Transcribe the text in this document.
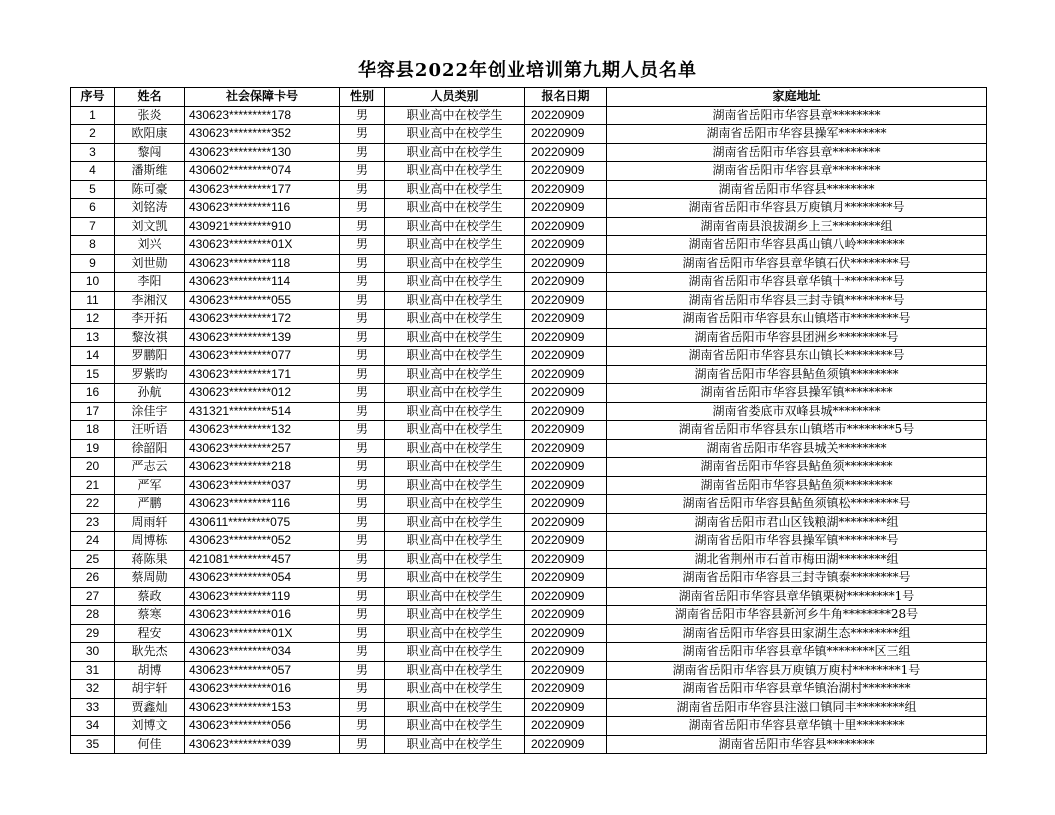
华容县2022年创业培训第九期人员名单
序号	姓名	社会保障卡号	性别	人员类别	报名日期	家庭地址
1	张炎	430623*********178	男	职业高中在校学生	20220909	湖南省岳阳市华容县章********
2	欧阳康	430623*********352	男	职业高中在校学生	20220909	湖南省岳阳市华容县操军********
3	黎闯	430623*********130	男	职业高中在校学生	20220909	湖南省岳阳市华容县章********
4	潘斯维	430602*********074	男	职业高中在校学生	20220909	湖南省岳阳市华容县章********
5	陈可豪	430623*********177	男	职业高中在校学生	20220909	湖南省岳阳市华容县********
6	刘铭涛	430623*********116	男	职业高中在校学生	20220909	湖南省岳阳市华容县万庾镇月********号
7	刘文凯	430921*********910	男	职业高中在校学生	20220909	湖南省南县浪拔湖乡上三********组
8	刘兴	430623*********01X	男	职业高中在校学生	20220909	湖南省岳阳市华容县禹山镇八岭********
9	刘世勋	430623*********118	男	职业高中在校学生	20220909	湖南省岳阳市华容县章华镇石伏********号
10	李阳	430623*********114	男	职业高中在校学生	20220909	湖南省岳阳市华容县章华镇十********号
11	李湘汉	430623*********055	男	职业高中在校学生	20220909	湖南省岳阳市华容县三封寺镇********号
12	李开拓	430623*********172	男	职业高中在校学生	20220909	湖南省岳阳市华容县东山镇塔市********号
13	黎汝祺	430623*********139	男	职业高中在校学生	20220909	湖南省岳阳市华容县团洲乡********号
14	罗鹏阳	430623*********077	男	职业高中在校学生	20220909	湖南省岳阳市华容县东山镇长********号
15	罗紫昀	430623*********171	男	职业高中在校学生	20220909	湖南省岳阳市华容县鲇鱼须镇********
16	孙航	430623*********012	男	职业高中在校学生	20220909	湖南省岳阳市华容县操军镇********
17	涂佳宇	431321*********514	男	职业高中在校学生	20220909	湖南省娄底市双峰县城********
18	汪听语	430623*********132	男	职业高中在校学生	20220909	湖南省岳阳市华容县东山镇塔市********5号
19	徐韶阳	430623*********257	男	职业高中在校学生	20220909	湖南省岳阳市华容县城关********
20	严志云	430623*********218	男	职业高中在校学生	20220909	湖南省岳阳市华容县鲇鱼须********
21	严军	430623*********037	男	职业高中在校学生	20220909	湖南省岳阳市华容县鲇鱼须********
22	严鹏	430623*********116	男	职业高中在校学生	20220909	湖南省岳阳市华容县鲇鱼须镇松********号
23	周雨轩	430611*********075	男	职业高中在校学生	20220909	湖南省岳阳市君山区钱粮湖********组
24	周博栋	430623*********052	男	职业高中在校学生	20220909	湖南省岳阳市华容县操军镇********号
25	蒋陈果	421081*********457	男	职业高中在校学生	20220909	湖北省荆州市石首市梅田湖********组
26	蔡周勋	430623*********054	男	职业高中在校学生	20220909	湖南省岳阳市华容县三封寺镇泰********号
27	蔡政	430623*********119	男	职业高中在校学生	20220909	湖南省岳阳市华容县章华镇栗树********1号
28	蔡寒	430623*********016	男	职业高中在校学生	20220909	湖南省岳阳市华容县新河乡牛角********28号
29	程安	430623*********01X	男	职业高中在校学生	20220909	湖南省岳阳市华容县田家湖生态********组
30	耿先杰	430623*********034	男	职业高中在校学生	20220909	湖南省岳阳市华容县章华镇********区三组
31	胡博	430623*********057	男	职业高中在校学生	20220909	湖南省岳阳市华容县万庾镇万庾村********1号
32	胡宇轩	430623*********016	男	职业高中在校学生	20220909	湖南省岳阳市华容县章华镇治湖村********
33	贾鑫灿	430623*********153	男	职业高中在校学生	20220909	湖南省岳阳市华容县注滋口镇同丰********组
34	刘博文	430623*********056	男	职业高中在校学生	20220909	湖南省岳阳市华容县章华镇十里********
35	何佳	430623*********039	男	职业高中在校学生	20220909	湖南省岳阳市华容县********
